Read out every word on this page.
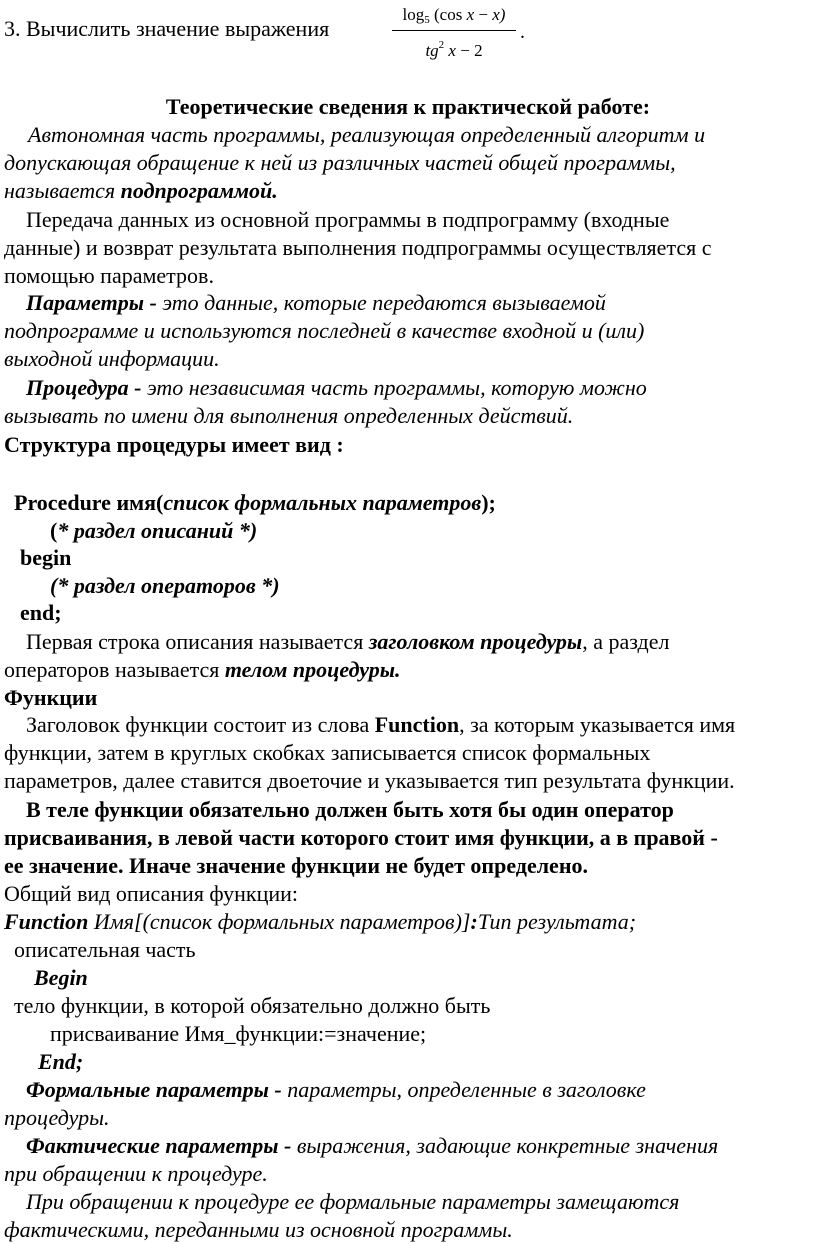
3. Вычислить значение выражения
$\log_5 (\cos$ x − x)
$tg^2$ x − 2
.
Теоретические сведения к практической работе:
Автономная часть программы, реализующая определенный алгоритм и
допускающая обращение к ней из различных частей общей программы,
называется подпрограммой.
Передача данных из основной программы в подпрограмму (входные
данные) и возврат результата выполнения подпрограммы осуществляется с
помощью параметров.
Параметры - это данные, которые передаются вызываемой
подпрограмме и используются последней в качестве входной и (или)
выходной информации.
Процедура - это независимая часть программы, которую можно
вызывать по имени для выполнения определенных действий.
Структура процедуры имеет вид :
Procedure имя(список формальных параметров);
(* раздел описаний *)
begin
(* раздел операторов *)
end;
Первая строка описания называется заголовком процедуры, а раздел
операторов называется телом процедуры.
Функции
Заголовок функции состоит из слова Function, за которым указывается имя
функции, затем в круглых скобках записывается список формальных
параметров, далее ставится двоеточие и указывается тип результата функции.
В теле функции обязательно должен быть хотя бы один оператор
присваивания, в левой части которого стоит имя функции, а в правой -
ее значение. Иначе значение функции не будет определено.
Общий вид описания функции:
Function Имя[(список формальных параметров)]:Тип результата;
описательная часть
Begin
тело функции, в которой обязательно должно быть
присваивание Имя_функции:=значение;
End;
Формальные параметры - параметры, определенные в заголовке
процедуры.
Фактические параметры - выражения, задающие конкретные значения
при обращении к процедуре.
При обращении к процедуре ее формальные параметры замещаются
фактическими, переданными из основной программы.
